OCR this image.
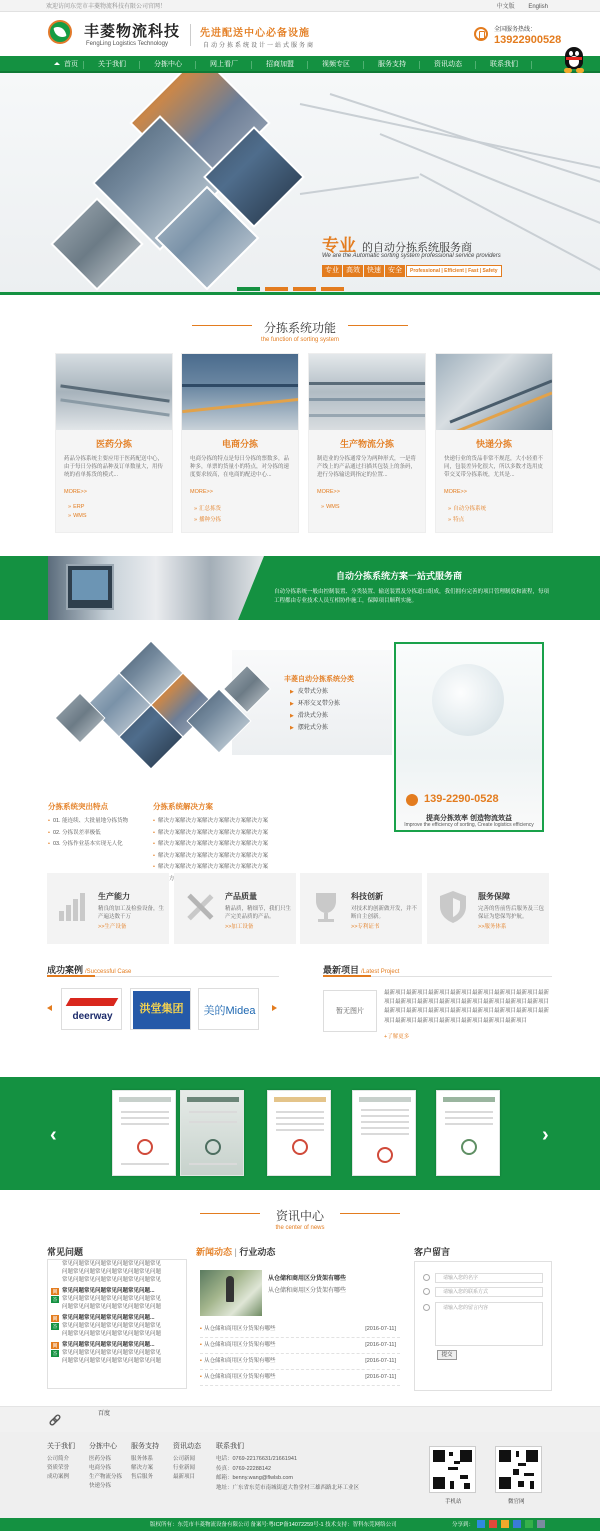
欢迎访问东莞市丰菱物流科技有限公司官网！	中文版 English
丰菱物流科技
FengLing Logistics Technology
先进配送中心必备设施
自动分拣系统设计一站式服务商
全国服务热线：
13922900528
首页	关于我们	分拣中心	网上看厂	招商加盟	视频专区	服务支持	资讯动态	联系我们
专业 的自动分拣系统服务商
We are the Automatic sorting system professional service providers
专业	高效	快速	安全	Professional | Efficient | Fast | Safety
分拣系统功能
the function of sorting system
医药分拣
药品分拣系统主要应用于医药配送中心，由于每日分拣的品种及订单数量大，用传统的看单拣货的模式...
MORE>>
» ERP
» WMS
电商分拣
电商分拣的特点是每日分拣的票数多，品种多，单票的货量小的特点，对分拣的速度要求较高，在电商的配送中心...
MORE>>
» 汇总拣货
» 播种分拣
生产物流分拣
制造业的分拣通常分为两种形式，一是将产线上的产品通过扫描其包装上的条码，进行分拣输送到指定的位置...
MORE>>
» WMS
快递分拣
快递行业的货品非常不规范，大小轻重不同，包装差异化很大，所以多数才选用皮带交叉带分拣系统，尤其是...
MORE>>
» 自动分拣系统
» 特点
自动分拣系统方案一站式服务商
自动分拣系统一般由控制装置、分类装置、输送装置及分拣道口组成，我们拥有完善的项目管理制度和流程，每项工程都由专业技术人员互相协作施工，保障项目顺利实施。
丰菱自动分拣系统分类
▶ 皮带式分拣
▶ 环形交叉带分拣
▶ 滑块式分拣
▶ 摆轮式分拣
分拣系统突出特点
• 01. 能连续、大批量地分拣货物
• 02. 分拣误差率极低
• 03. 分拣作业基本实现无人化
分拣系统解决方案
• 解决方案解决方案解决方案解决方案解决方案
• 解决方案解决方案解决方案解决方案解决方案
• 解决方案解决方案解决方案解决方案解决方案
• 解决方案解决方案解决方案解决方案解决方案
• 解决方案解决方案解决方案解决方案解决方案
•
139-2290-0528
提高分拣效率 创造物流效益
Improve the efficiency of sorting, Create logistics efficiency
生产能力
精良的加工及检验设备，生产遍达数千万
>>生产设备
产品质量
精品质，精细节，我们只生产完美品质的产品。
>>加工设备
科技创新
对技术的创新做开发，并不断自主创新。
>>专利证书
服务保障
完善的售前售后服务及三包保证为您保驾护航。
>>服务体系
成功案例 /Successful Case
deerway
洪堂集团	美的Midea
最新项目 /Latest Project
暂无图片
最新项目最新项目最新项目最新项目最新项目最新项目最新项目最新项目最新项目最新项目最新项目最新项目最新项目最新项目最新项目最新项目最新项目最新项目最新项目最新项目最新项目最新项目最新项目最新项目最新项目最新项目最新项目最新项目最新项目
+了解更多
‹	›
资讯中心
the center of news
常见问题
常见问题常见问题常见问题常见问题常见
问题常见问题常见问题常见问题常见问题
常见问题常见问题常见问题常见问题常见
问 常见问题常见问题常见问题常见问题...
答 常见问题常见问题常见问题常见问题常见
问题常见问题常见问题常见问题常见问题
问 常见问题常见问题常见问题常见问题...
答 常见问题常见问题常见问题常见问题常见
问题常见问题常见问题常见问题常见问题
问 常见问题常见问题常见问题常见问题...
答 常见问题常见问题常见问题常见问题常见
问题常见问题常见问题常见问题常见问题
新闻动态 | 行业动态
从仓储和商用区分货架有哪些
从仓储和商用区分货架有哪些
▪ 从仓储和商用区分货架有哪些	[2016-07-11]
▪ 从仓储和商用区分货架有哪些	[2016-07-11]
▪ 从仓储和商用区分货架有哪些	[2016-07-11]
▪ 从仓储和商用区分货架有哪些	[2016-07-11]
客户留言
请输入您的名字
请输入您的联系方式
请输入您的留言内容
提交
百度
关于我们
公司简介
资质荣誉
成功案例
分拣中心
医药分拣
电商分拣
生产物流分拣
快递分拣
服务支持
服务体系
解决方案
售后服务
资讯动态
公司新闻
行业新闻
最新项目
联系我们
电话：0769-22176631/21661941
传真：0769-22288142
邮箱：benny.wang@flwlsb.com
地址：广东省东莞市南城街道大鲁堂村三雄西路北环工业区
手机站	微官网
版权所有：东莞市丰菱物流设备有限公司 备案号:粤ICP备14072259号-1 技术支持：智科东莞网络公司	分享到：
